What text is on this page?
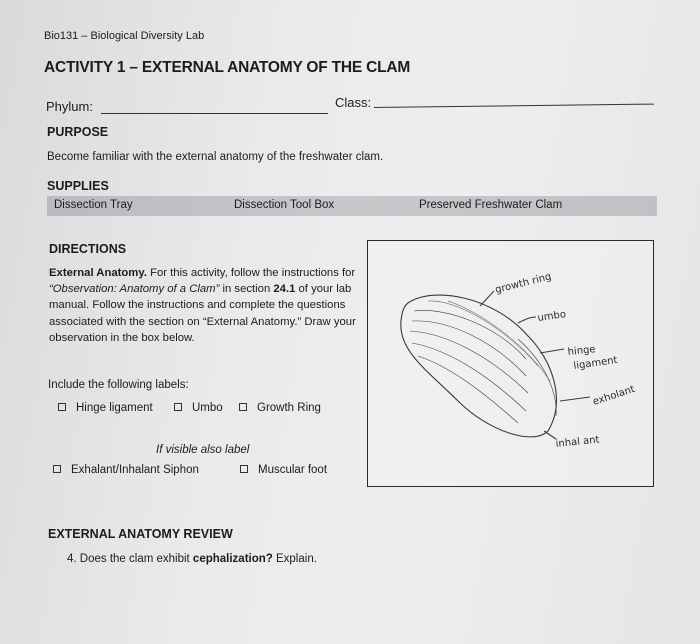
Bio131 – Biological Diversity Lab
ACTIVITY 1 – EXTERNAL ANATOMY OF THE CLAM
Phylum:	Class:
PURPOSE
Become familiar with the external anatomy of the freshwater clam.
SUPPLIES
Dissection Tray	Dissection Tool Box	Preserved Freshwater Clam
DIRECTIONS
External Anatomy. For this activity, follow the instructions for “Observation: Anatomy of a Clam” in section 24.1 of your lab manual. Follow the instructions and complete the questions associated with the section on “External Anatomy.” Draw your observation in the box below.
Include the following labels:
Hinge ligament	Umbo	Growth Ring
If visible also label
Exhalant/Inhalant Siphon	Muscular foot
EXTERNAL ANATOMY REVIEW
4. Does the clam exhibit cephalization? Explain.
growth ring
umbo
hinge
ligament
exholant
inhal ant
